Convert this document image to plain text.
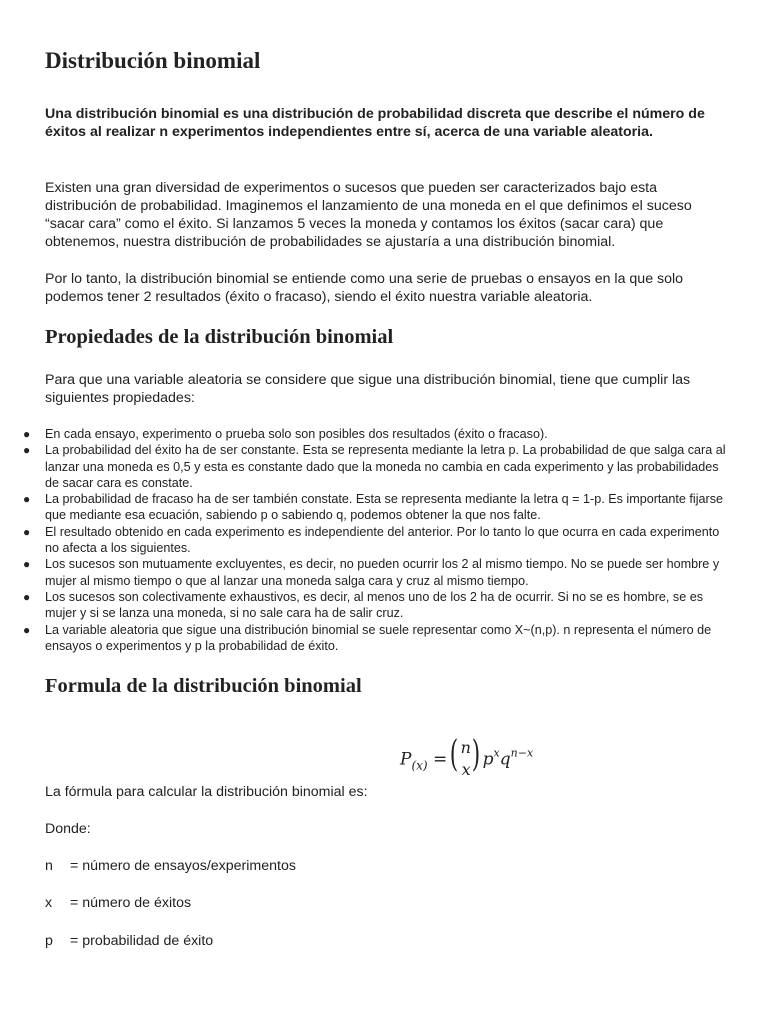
Distribución binomial

Una distribución binomial es una distribución de probabilidad discreta que describe el número de éxitos al realizar n experimentos independientes entre sí, acerca de una variable aleatoria.

Existen una gran diversidad de experimentos o sucesos que pueden ser caracterizados bajo esta distribución de probabilidad. Imaginemos el lanzamiento de una moneda en el que definimos el suceso “sacar cara” como el éxito. Si lanzamos 5 veces la moneda y contamos los éxitos (sacar cara) que obtenemos, nuestra distribución de probabilidades se ajustaría a una distribución binomial.

Por lo tanto, la distribución binomial se entiende como una serie de pruebas o ensayos en la que solo podemos tener 2 resultados (éxito o fracaso), siendo el éxito nuestra variable aleatoria.

Propiedades de la distribución binomial

Para que una variable aleatoria se considere que sigue una distribución binomial, tiene que cumplir las siguientes propiedades:

● En cada ensayo, experimento o prueba solo son posibles dos resultados (éxito o fracaso).
● La probabilidad del éxito ha de ser constante. Esta se representa mediante la letra p. La probabilidad de que salga cara al lanzar una moneda es 0,5 y esta es constante dado que la moneda no cambia en cada experimento y las probabilidades de sacar cara es constate.
● La probabilidad de fracaso ha de ser también constate. Esta se representa mediante la letra q = 1-p. Es importante fijarse que mediante esa ecuación, sabiendo p o sabiendo q, podemos obtener la que nos falte.
● El resultado obtenido en cada experimento es independiente del anterior. Por lo tanto lo que ocurra en cada experimento no afecta a los siguientes.
● Los sucesos son mutuamente excluyentes, es decir, no pueden ocurrir los 2 al mismo tiempo. No se puede ser hombre y mujer al mismo tiempo o que al lanzar una moneda salga cara y cruz al mismo tiempo.
● Los sucesos son colectivamente exhaustivos, es decir, al menos uno de los 2 ha de ocurrir. Si no se es hombre, se es mujer y si se lanza una moneda, si no sale cara ha de salir cruz.
● La variable aleatoria que sigue una distribución binomial se suele representar como X~(n,p). n representa el número de ensayos o experimentos y p la probabilidad de éxito.
Formula de la distribución binomial
$P_{(x)}$ = ( n
x ) $p^xq^{n-x}$

La fórmula para calcular la distribución binomial es:

Donde:

n = número de ensayos/experimentos
x = número de éxitos
p = probabilidad de éxito
